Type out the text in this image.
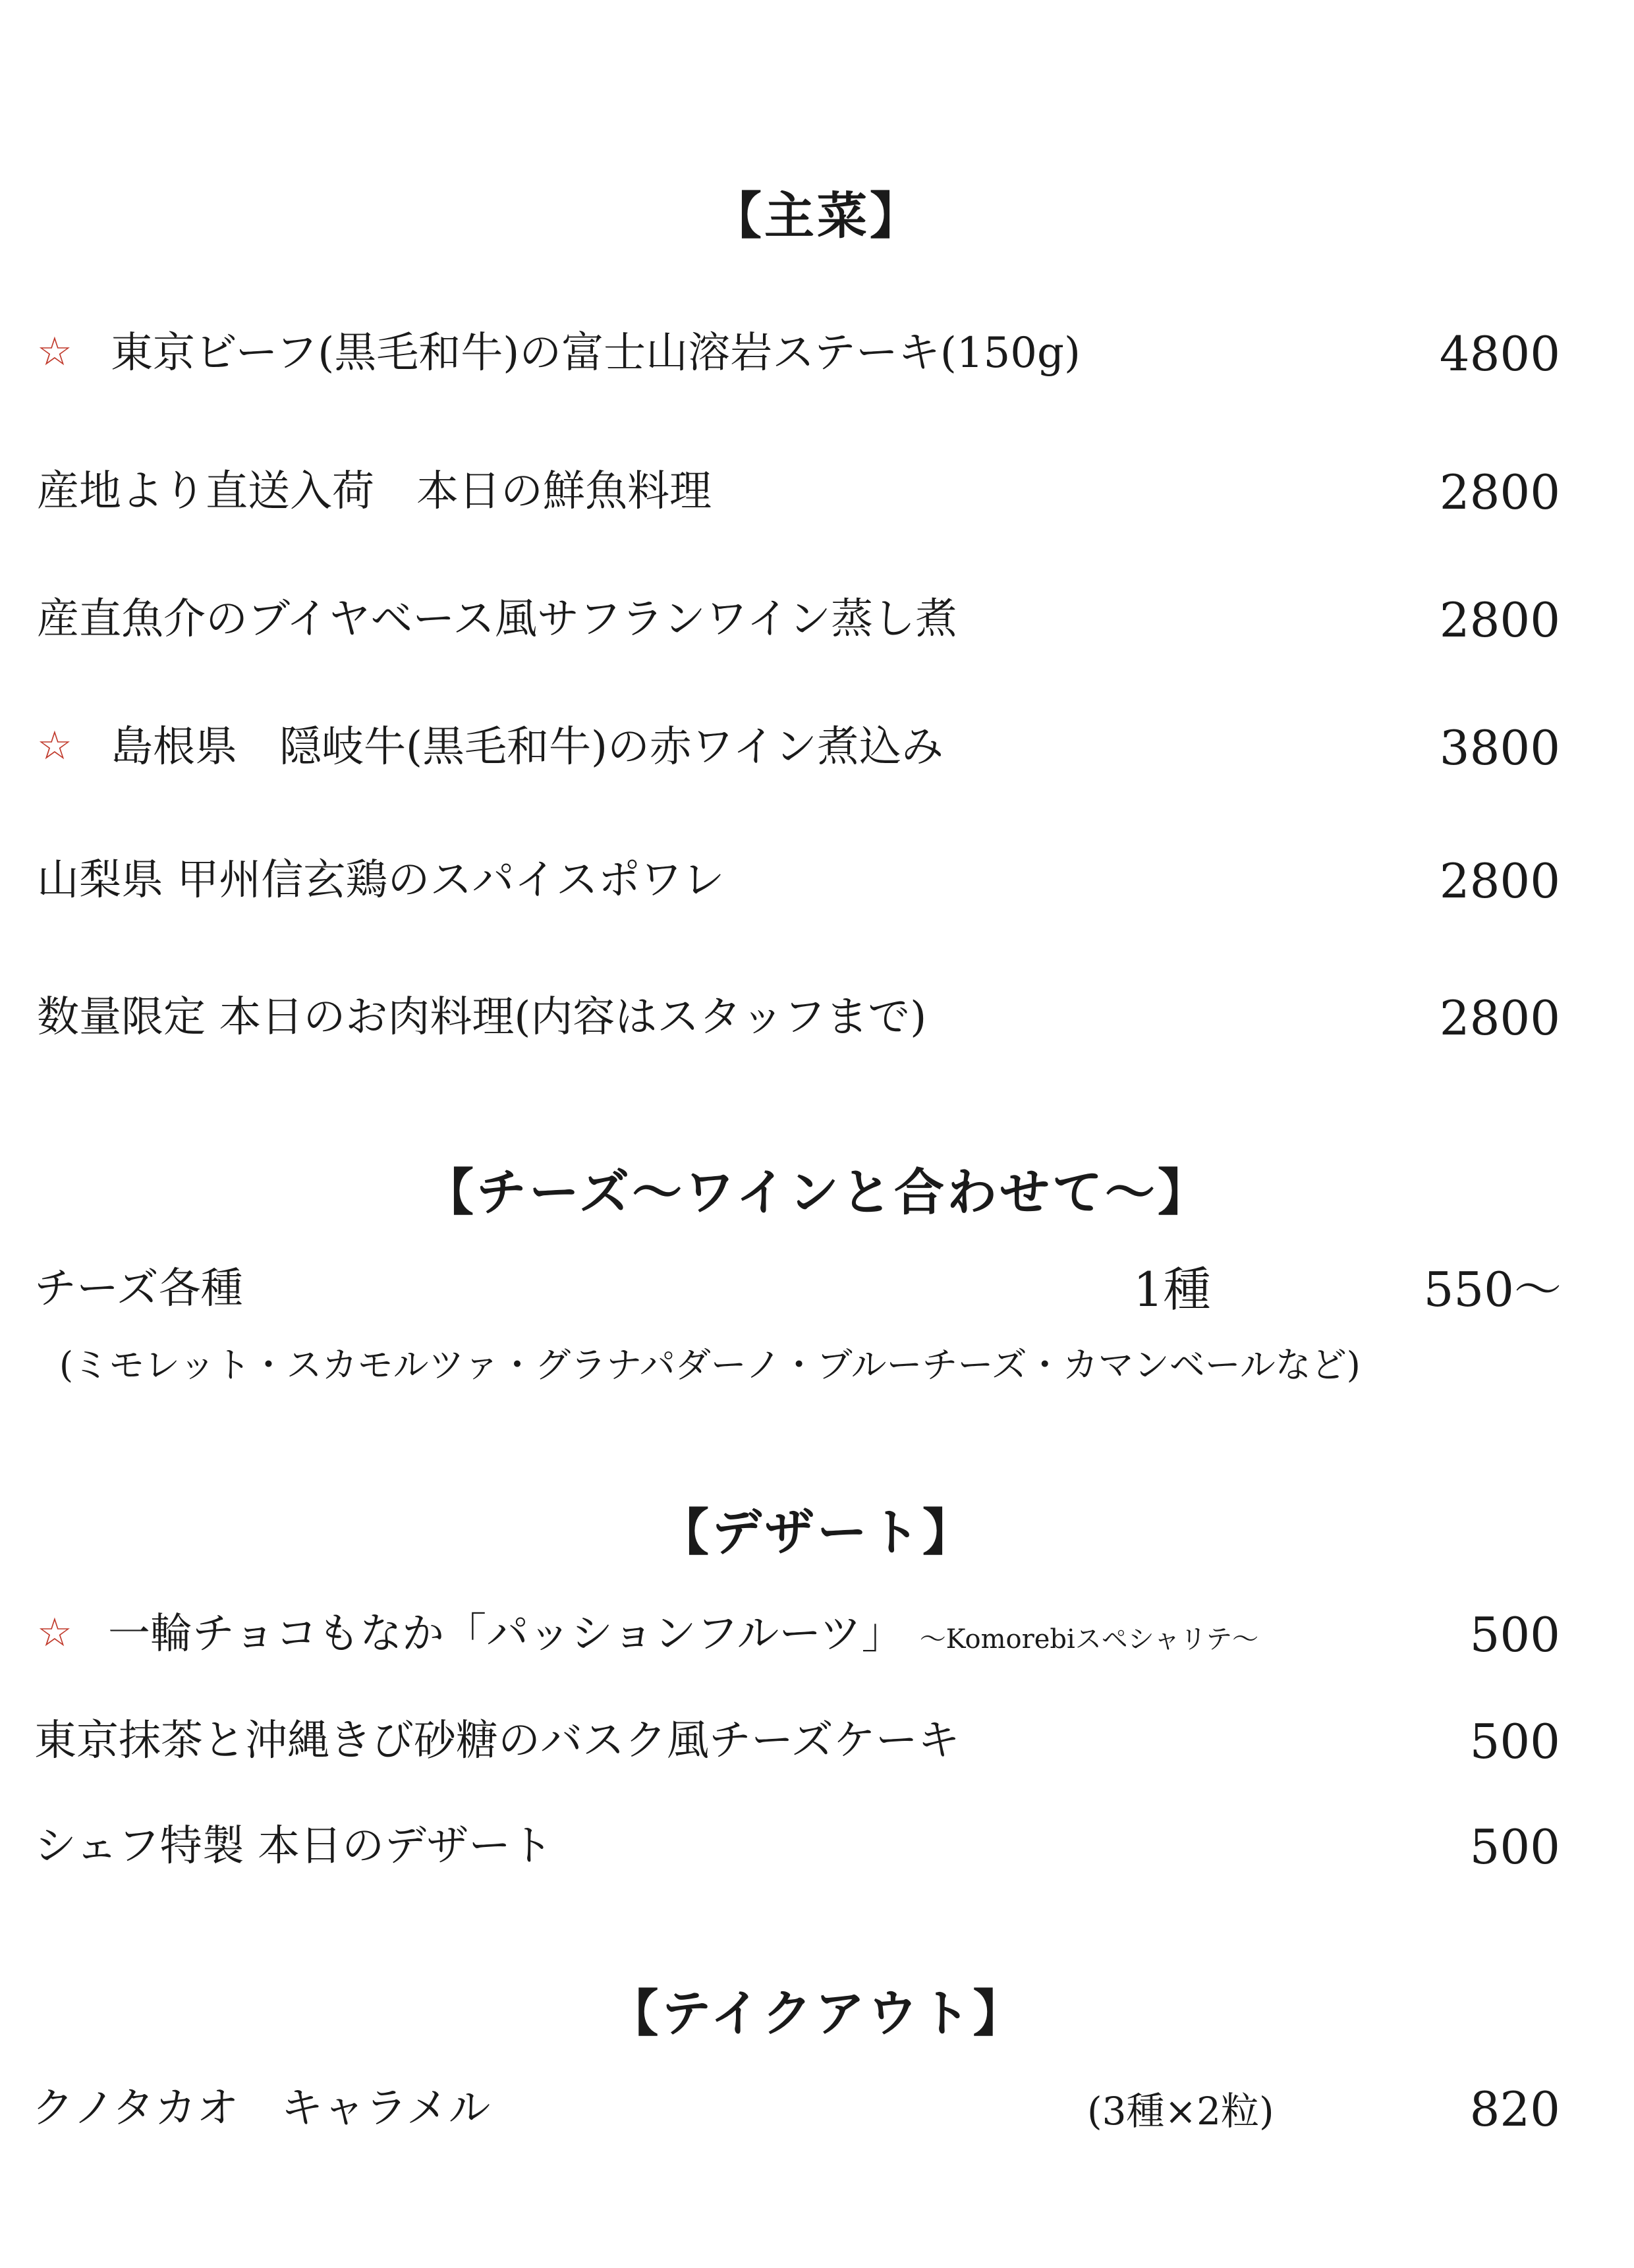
【主菜】
☆ 東京ビーフ(黒毛和牛)の富士山溶岩ステーキ(150g)	4800
産地より直送入荷　本日の鮮魚料理	2800
産直魚介のブイヤベース風サフランワイン蒸し煮	2800
☆ 島根県　隠岐牛(黒毛和牛)の赤ワイン煮込み	3800
山梨県 甲州信玄鶏のスパイスポワレ	2800
数量限定 本日のお肉料理(内容はスタッフまで)	2800
【チーズ〜ワインと合わせて〜】
チーズ各種	1種	550〜
(ミモレット・スカモルツァ・グラナパダーノ・ブルーチーズ・カマンベールなど)
【デザート】
☆ 一輪チョコもなか「パッションフルーツ」 〜Komorebiスペシャリテ〜	500
東京抹茶と沖縄きび砂糖のバスク風チーズケーキ	500
シェフ特製 本日のデザート	500
【テイクアウト】
クノタカオ　キャラメル	(3種×2粒)	820
